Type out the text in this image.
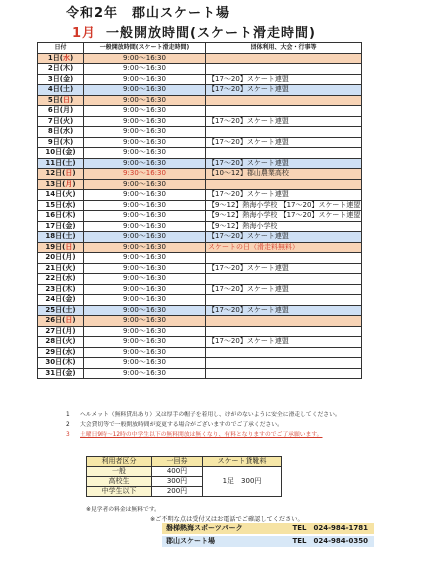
令和2年　郡山スケート場
1月 一般開放時間(スケート滑走時間)
日付	一般開放時間(スケート滑走時間)	団体利用、大会・行事等
1日(水)	9:00～16:30	
2日(木)	9:00～16:30	
3日(金)	9:00～16:30	【17～20】スケート連盟
4日(土)	9:00～16:30	【17～20】スケート連盟
5日(日)	9:00～16:30	
6日(月)	9:00～16:30	
7日(火)	9:00～16:30	【17～20】スケート連盟
8日(水)	9:00～16:30	
9日(木)	9:00～16:30	【17～20】スケート連盟
10日(金)	9:00～16:30	
11日(土)	9:00～16:30	【17～20】スケート連盟
12日(日)	9:30～16:30	【10～12】郡山農業高校
13日(月)	9:00～16:30	
14日(火)	9:00～16:30	【17～20】スケート連盟
15日(水)	9:00～16:30	【9～12】熱海小学校 【17～20】スケート連盟
16日(木)	9:00～16:30	【9～12】熱海小学校 【17～20】スケート連盟
17日(金)	9:00～16:30	【9～12】熱海小学校
18日(土)	9:00～16:30	【17～20】スケート連盟
19日(日)	9:00～16:30	スケートの日（滑走料無料）
20日(月)	9:00～16:30	
21日(火)	9:00～16:30	【17～20】スケート連盟
22日(水)	9:00～16:30	
23日(木)	9:00～16:30	【17～20】スケート連盟
24日(金)	9:00～16:30	
25日(土)	9:00～16:30	【17～20】スケート連盟
26日(日)	9:00～16:30	
27日(月)	9:00～16:30	
28日(火)	9:00～16:30	【17～20】スケート連盟
29日(水)	9:00～16:30	
30日(木)	9:00～16:30	
31日(金)	9:00～16:30	
1 ヘルメット（無料貸出あり）又は厚手の帽子を着用し、けがのないように安全に滑走してください。
2 大会貸切等で一般開放時間が変更する場合がございますのでご了承ください。
3 土曜日9時～12時の中学生以下の無料開放は無くなり、有料となりますのでご了承願います。
利用者区分	一回券	スケート貸靴料
一般	400円	1足　300円
高校生	300円	
中学生以下	200円	
※見学者の料金は無料です。
※ご不明な点は受付又はお電話でご確認してください。
磐梯熱海スポーツパーク	TEL　024-984-1781
郡山スケート場	TEL　024-984-0350
